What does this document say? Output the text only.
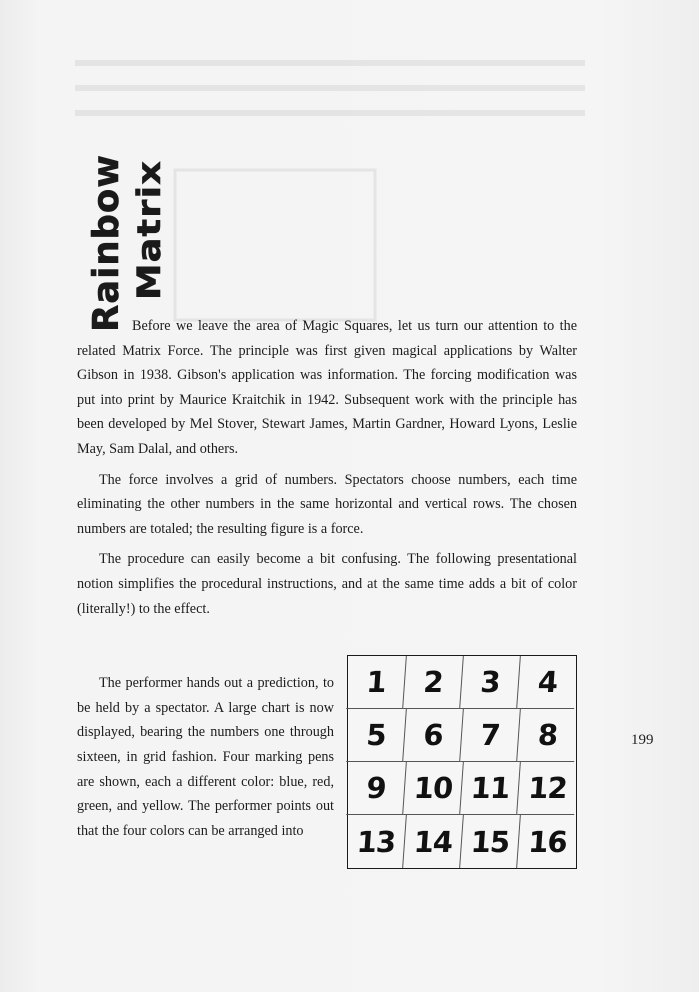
Rainbow Matrix

Before we leave the area of Magic Squares, let us turn our attention to the related Matrix Force. The principle was first given magical applications by Walter Gibson in 1938. Gibson's application was information. The forcing modification was put into print by Maurice Kraitchik in 1942. Subsequent work with the principle has been developed by Mel Stover, Stewart James, Martin Gardner, Howard Lyons, Leslie May, Sam Dalal, and others.

The force involves a grid of numbers. Spectators choose numbers, each time eliminating the other numbers in the same horizontal and vertical rows. The chosen numbers are totaled; the resulting figure is a force.

The procedure can easily become a bit confusing. The following presentational notion simplifies the procedural instructions, and at the same time adds a bit of color (literally!) to the effect.

The performer hands out a prediction, to be held by a spectator. A large chart is now displayed, bearing the numbers one through sixteen, in grid fashion. Four marking pens are shown, each a different color: blue, red, green, and yellow. The performer points out that the four colors can be arranged into

1	2	3	4
5	6	7	8
9 10 11 12
13 14 15 16
199
